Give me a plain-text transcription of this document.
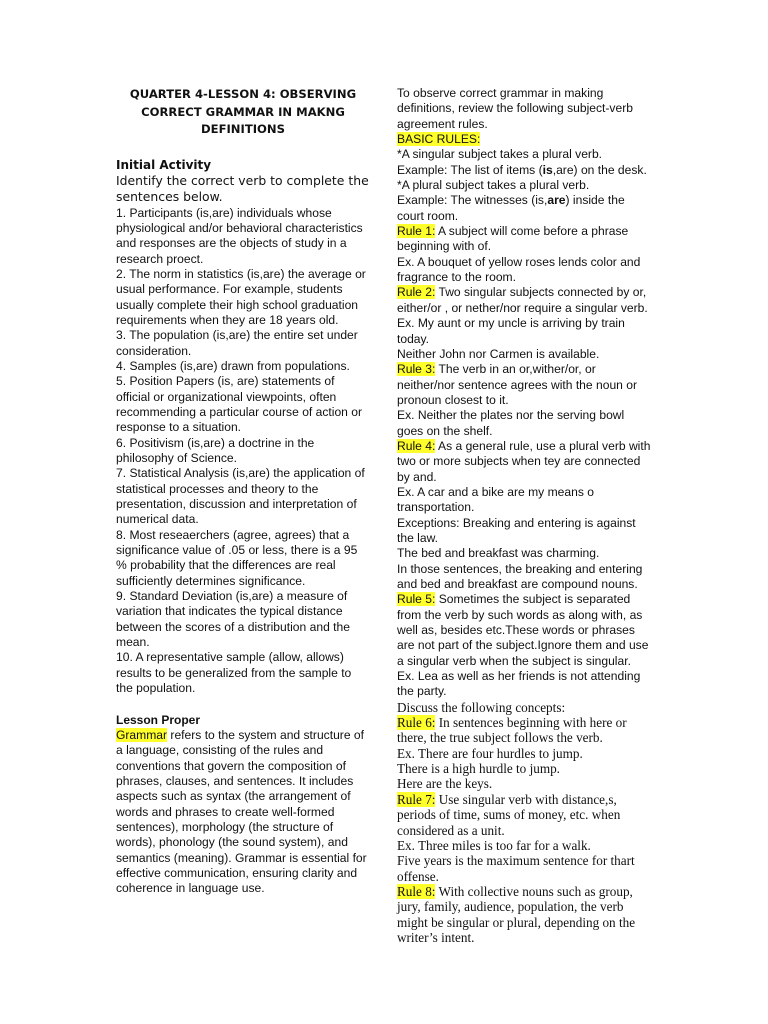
QUARTER 4-LESSON 4: OBSERVING CORRECT GRAMMAR IN MAKNG DEFINITIONS

Initial Activity

Identify the correct verb to complete the sentences below.

1. Participants (is,are) individuals whose physiological and/or behavioral characteristics and responses are the objects of study in a research proect.

2. The norm in statistics (is,are) the average or usual performance. For example, students usually complete their high school graduation requirements when they are 18 years old.

3. The population (is,are) the entire set under consideration.

4. Samples (is,are) drawn from populations.

5. Position Papers (is, are) statements of official or organizational viewpoints, often recommending a particular course of action or response to a situation.

6. Positivism (is,are) a doctrine in the philosophy of Science.

7. Statistical Analysis (is,are) the application of statistical processes and theory to the presentation, discussion and interpretation of numerical data.

8. Most reseaerchers (agree, agrees) that a significance value of .05 or less, there is a 95 % probability that the differences are real sufficiently determines significance.

9. Standard Deviation (is,are) a measure of variation that indicates the typical distance between the scores of a distribution and the mean.

10. A representative sample (allow, allows) results to be generalized from the sample to the population.

Lesson Proper

Grammar refers to the system and structure of a language, consisting of the rules and conventions that govern the composition of phrases, clauses, and sentences. It includes aspects such as syntax (the arrangement of words and phrases to create well-formed sentences), morphology (the structure of words), phonology (the sound system), and semantics (meaning). Grammar is essential for effective communication, ensuring clarity and coherence in language use.

To observe correct grammar in making definitions, review the following subject-verb agreement rules.

BASIC RULES:

*A singular subject takes a plural verb.

Example: The list of items (is,are) on the desk.

*A plural subject takes a plural verb.

Example: The witnesses (is,are) inside the court room.

Rule 1: A subject will come before a phrase beginning with of.

Ex. A bouquet of yellow roses lends color and fragrance to the room.

Rule 2: Two singular subjects connected by or, either/or , or nether/nor require a singular verb.

Ex. My aunt or my uncle is arriving by train today.

Neither John nor Carmen is available.

Rule 3: The verb in an or,wither/or, or neither/nor sentence agrees with the noun or pronoun closest to it.

Ex. Neither the plates nor the serving bowl goes on the shelf.

Rule 4: As a general rule, use a plural verb with two or more subjects when tey are connected by and.

Ex. A car and a bike are my means o transportation.

Exceptions: Breaking and entering is against the law.

The bed and breakfast was charming.

In those sentences, the breaking and entering and bed and breakfast are compound nouns.

Rule 5: Sometimes the subject is separated from the verb by such words as along with, as well as, besides etc.These words or phrases are not part of the subject.Ignore them and use a singular verb when the subject is singular.

Ex. Lea as well as her friends is not attending the party.

Discuss the following concepts:

Rule 6: In sentences beginning with here or there, the true subject follows the verb.

Ex. There are four hurdles to jump.

There is a high hurdle to jump.

Here are the keys.

Rule 7: Use singular verb with distance,s, periods of time, sums of money, etc. when considered as a unit.

Ex. Three miles is too far for a walk.

Five years is the maximum sentence for thart offense.

Rule 8: With collective nouns such as group, jury, family, audience, population, the verb might be singular or plural, depending on the writer’s intent.
